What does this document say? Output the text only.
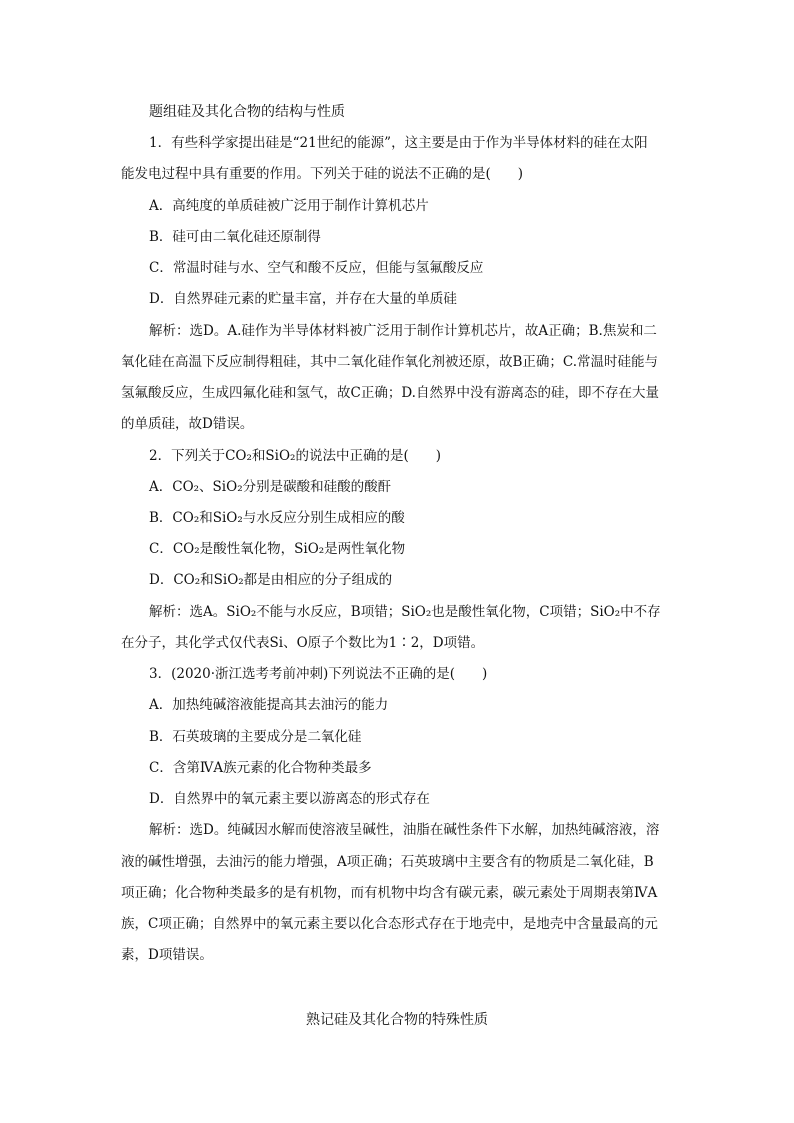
题组硅及其化合物的结构与性质
1．有些科学家提出硅是“21世纪的能源”，这主要是由于作为半导体材料的硅在太阳
能发电过程中具有重要的作用。下列关于硅的说法不正确的是(　　)
A．高纯度的单质硅被广泛用于制作计算机芯片
B．硅可由二氧化硅还原制得
C．常温时硅与水、空气和酸不反应，但能与氢氟酸反应
D．自然界硅元素的贮量丰富，并存在大量的单质硅
解析：选D。A.硅作为半导体材料被广泛用于制作计算机芯片，故A正确；B.焦炭和二
氧化硅在高温下反应制得粗硅，其中二氧化硅作氧化剂被还原，故B正确；C.常温时硅能与
氢氟酸反应，生成四氟化硅和氢气，故C正确；D.自然界中没有游离态的硅，即不存在大量
的单质硅，故D错误。
2．下列关于CO₂和SiO₂的说法中正确的是(　　)
A．CO₂、SiO₂分别是碳酸和硅酸的酸酐
B．CO₂和SiO₂与水反应分别生成相应的酸
C．CO₂是酸性氧化物，SiO₂是两性氧化物
D．CO₂和SiO₂都是由相应的分子组成的
解析：选A。SiO₂不能与水反应，B项错；SiO₂也是酸性氧化物，C项错；SiO₂中不存
在分子，其化学式仅代表Si、O原子个数比为1∶2，D项错。
3．(2020·浙江选考考前冲刺)下列说法不正确的是(　　)
A．加热纯碱溶液能提高其去油污的能力
B．石英玻璃的主要成分是二氧化硅
C．含第ⅣA族元素的化合物种类最多
D．自然界中的氧元素主要以游离态的形式存在
解析：选D。纯碱因水解而使溶液呈碱性，油脂在碱性条件下水解，加热纯碱溶液，溶
液的碱性增强，去油污的能力增强，A项正确；石英玻璃中主要含有的物质是二氧化硅，B
项正确；化合物种类最多的是有机物，而有机物中均含有碳元素，碳元素处于周期表第ⅣA
族，C项正确；自然界中的氧元素主要以化合态形式存在于地壳中，是地壳中含量最高的元
素，D项错误。
熟记硅及其化合物的特殊性质
